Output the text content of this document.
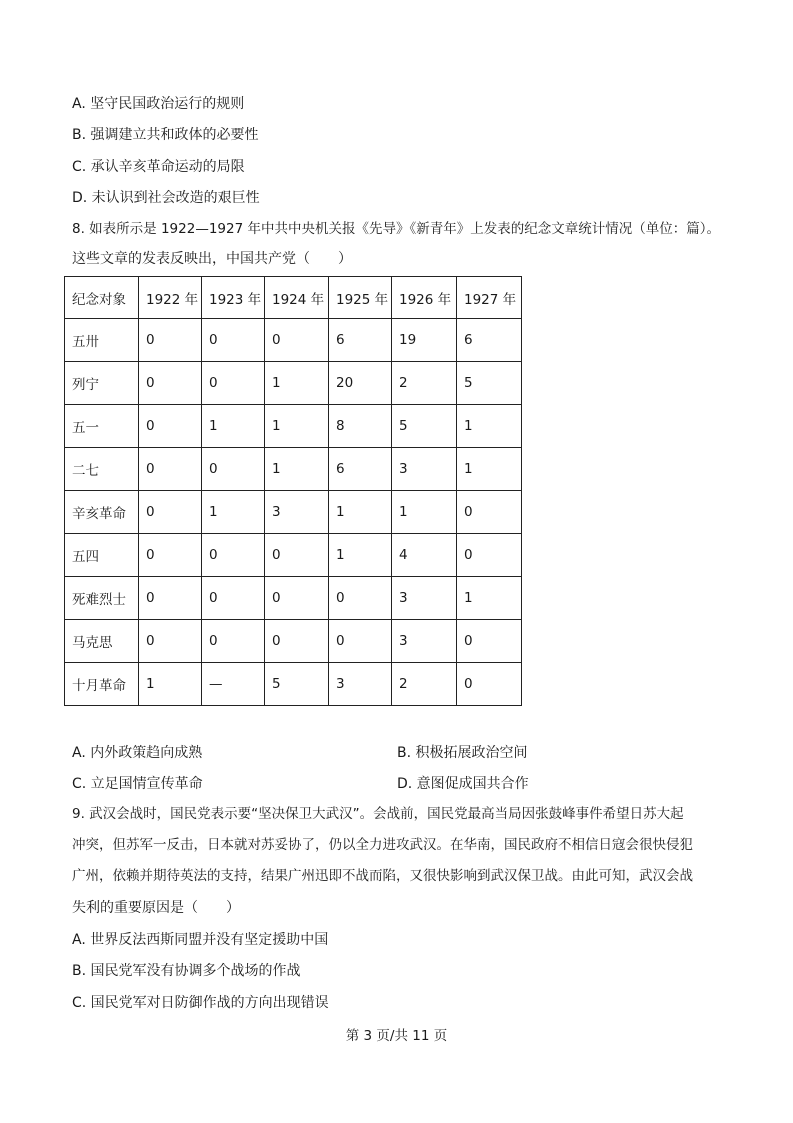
A. 坚守民国政治运行的规则
B. 强调建立共和政体的必要性
C. 承认辛亥革命运动的局限
D. 未认识到社会改造的艰巨性
8. 如表所示是 1922—1927 年中共中央机关报《先导》《新青年》上发表的纪念文章统计情况（单位：篇）。
这些文章的发表反映出，中国共产党（　　）
纪念对象	1922 年	1923 年	1924 年	1925 年	1926 年	1927 年
五卅	0	0	0	6	19	6
列宁	0	0	1	20	2	5
五一	0	1	1	8	5	1
二七	0	0	1	6	3	1
辛亥革命	0	1	3	1	1	0
五四	0	0	0	1	4	0
死难烈士	0	0	0	0	3	1
马克思	0	0	0	0	3	0
十月革命	1	—	5	3	2	0
A. 内外政策趋向成熟	B. 积极拓展政治空间
C. 立足国情宣传革命	D. 意图促成国共合作
9. 武汉会战时，国民党表示要“坚决保卫大武汉”。会战前，国民党最高当局因张鼓峰事件希望日苏大起
冲突，但苏军一反击，日本就对苏妥协了，仍以全力进攻武汉。在华南，国民政府不相信日寇会很快侵犯
广州，依赖并期待英法的支持，结果广州迅即不战而陷，又很快影响到武汉保卫战。由此可知，武汉会战
失利的重要原因是（　　）
A. 世界反法西斯同盟并没有坚定援助中国
B. 国民党军没有协调多个战场的作战
C. 国民党军对日防御作战的方向出现错误
第 3 页/共 11 页
